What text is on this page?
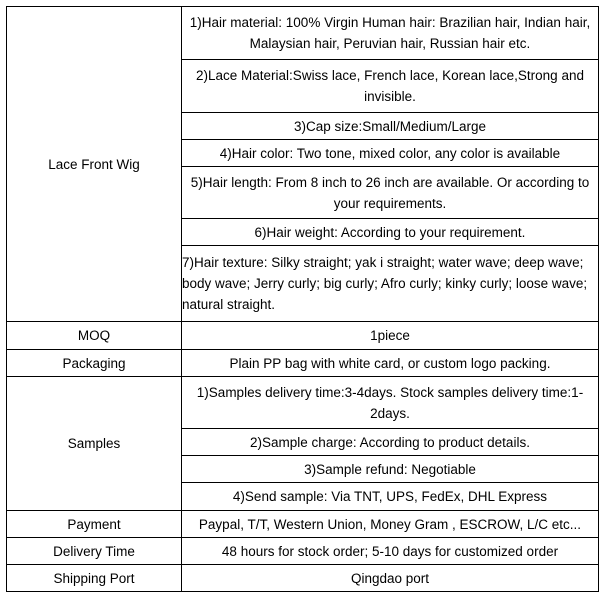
Lace Front Wig	1)Hair material: 100% Virgin Human hair: Brazilian hair, Indian hair, Malaysian hair, Peruvian hair, Russian hair etc.
	2)Lace Material:Swiss lace, French lace, Korean lace,Strong and invisible.
	3)Cap size:Small/Medium/Large
	4)Hair color: Two tone, mixed color, any color is available
	5)Hair length: From 8 inch to 26 inch are available. Or according to your requirements.
	6)Hair weight: According to your requirement.
	7)Hair texture: Silky straight; yak i straight; water wave; deep wave; body wave; Jerry curly; big curly; Afro curly; kinky curly; loose wave; natural straight.
MOQ	1piece
Packaging	Plain PP bag with white card, or custom logo packing.
Samples	1)Samples delivery time:3-4days. Stock samples delivery time:1-2days.
	2)Sample charge: According to product details.
	3)Sample refund: Negotiable
	4)Send sample: Via TNT, UPS, FedEx, DHL Express
Payment	Paypal, T/T, Western Union, Money Gram , ESCROW, L/C etc...
Delivery Time	48 hours for stock order; 5-10 days for customized order
Shipping Port	Qingdao port
